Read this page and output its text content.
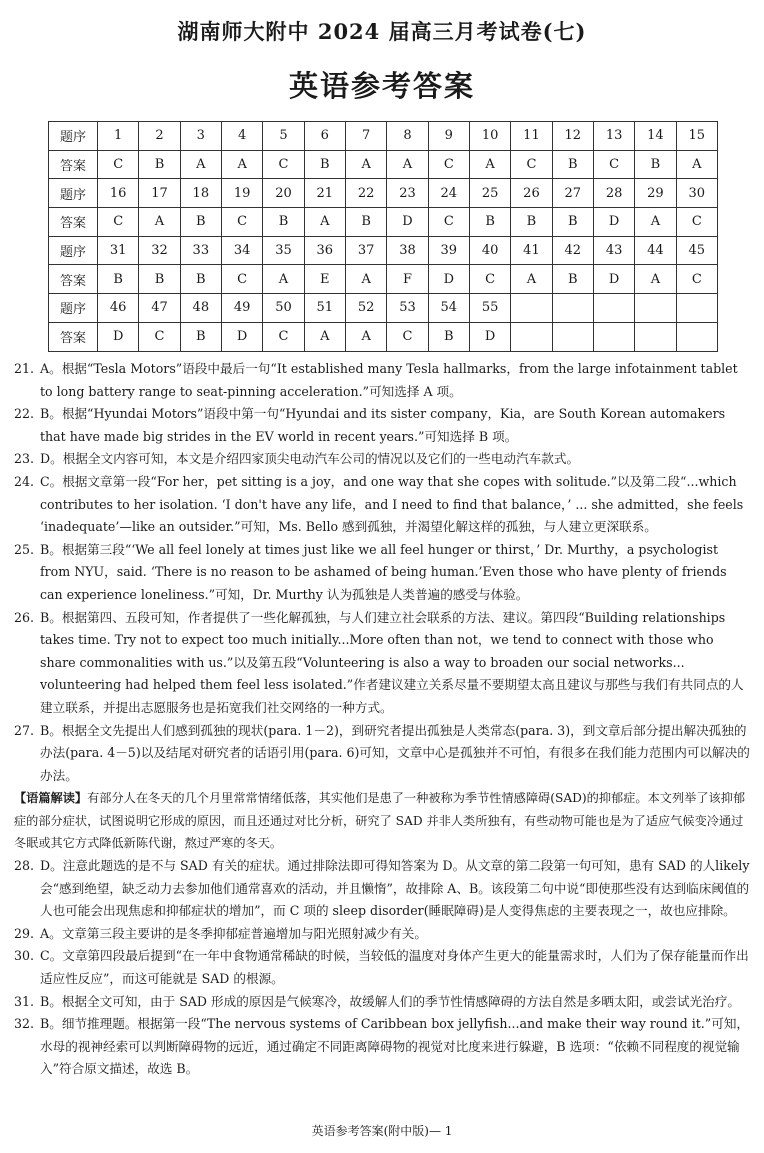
湖南师大附中 2024 届高三月考试卷(七)
英语参考答案
题序	1	2	3	4	5	6	7	8	9	10	11	12	13	14	15
答案	C	B	A	A	C	B	A	A	C	A	C	B	C	B	A
题序	16	17	18	19	20	21	22	23	24	25	26	27	28	29	30
答案	C	A	B	C	B	A	B	D	C	B	B	B	D	A	C
题序	31	32	33	34	35	36	37	38	39	40	41	42	43	44	45
答案	B	B	B	C	A	E	A	F	D	C	A	B	D	A	C
题序	46	47	48	49	50	51	52	53	54	55					
答案	D	C	B	D	C	A	A	C	B	D					
21. A。根据“Tesla Motors”语段中最后一句“It established many Tesla hallmarks，from the large infotainment tablet to long battery range to seat-pinning acceleration.”可知选择 A 项。
22. B。根据“Hyundai Motors”语段中第一句“Hyundai and its sister company，Kia，are South Korean automakers that have made big strides in the EV world in recent years.”可知选择 B 项。
23. D。根据全文内容可知，本文是介绍四家顶尖电动汽车公司的情况以及它们的一些电动汽车款式。
24. C。根据文章第一段“For her，pet sitting is a joy，and one way that she copes with solitude.”以及第二段“...which contributes to her isolation. ‘I don't have any life，and I need to find that balance，’ ... she admitted，she feels ‘inadequate’—like an outsider.”可知，Ms. Bello 感到孤独，并渴望化解这样的孤独，与人建立更深联系。
25. B。根据第三段“‘We all feel lonely at times just like we all feel hunger or thirst，’ Dr. Murthy，a psychologist from NYU，said. ‘There is no reason to be ashamed of being human.’Even those who have plenty of friends can experience loneliness.”可知，Dr. Murthy 认为孤独是人类普遍的感受与体验。
26. B。根据第四、五段可知，作者提供了一些化解孤独，与人们建立社会联系的方法、建议。第四段“Building relationships takes time. Try not to expect too much initially...More often than not，we tend to connect with those who share commonalities with us.”以及第五段“Volunteering is also a way to broaden our social networks... volunteering had helped them feel less isolated.”作者建议建立关系尽量不要期望太高且建议与那些与我们有共同点的人建立联系，并提出志愿服务也是拓宽我们社交网络的一种方式。
27. B。根据全文先提出人们感到孤独的现状(para. 1－2)，到研究者提出孤独是人类常态(para. 3)，到文章后部分提出解决孤独的办法(para. 4－5)以及结尾对研究者的话语引用(para. 6)可知，文章中心是孤独并不可怕，有很多在我们能力范围内可以解决的办法。
【语篇解读】有部分人在冬天的几个月里常常情绪低落，其实他们是患了一种被称为季节性情感障碍(SAD)的抑郁症。本文列举了该抑郁症的部分症状，试图说明它形成的原因，而且还通过对比分析，研究了 SAD 并非人类所独有，有些动物可能也是为了适应气候变冷通过冬眠或其它方式降低新陈代谢，熬过严寒的冬天。
28. D。注意此题选的是不与 SAD 有关的症状。通过排除法即可得知答案为 D。从文章的第二段第一句可知，患有 SAD 的人likely会“感到绝望，缺乏动力去参加他们通常喜欢的活动，并且懒惰”，故排除 A、B。该段第二句中说“即使那些没有达到临床阈值的人也可能会出现焦虑和抑郁症状的增加”，而 C 项的 sleep disorder(睡眠障碍)是人变得焦虑的主要表现之一，故也应排除。
29. A。文章第三段主要讲的是冬季抑郁症普遍增加与阳光照射减少有关。
30. C。文章第四段最后提到“在一年中食物通常稀缺的时候，当较低的温度对身体产生更大的能量需求时，人们为了保存能量而作出适应性反应”，而这可能就是 SAD 的根源。
31. B。根据全文可知，由于 SAD 形成的原因是气候寒冷，故缓解人们的季节性情感障碍的方法自然是多晒太阳，或尝试光治疗。
32. B。细节推理题。根据第一段“The nervous systems of Caribbean box jellyfish...and make their way round it.”可知，水母的视神经索可以判断障碍物的远近，通过确定不同距离障碍物的视觉对比度来进行躲避，B 选项：“依赖不同程度的视觉输入”符合原文描述，故选 B。
英语参考答案(附中版)— 1
